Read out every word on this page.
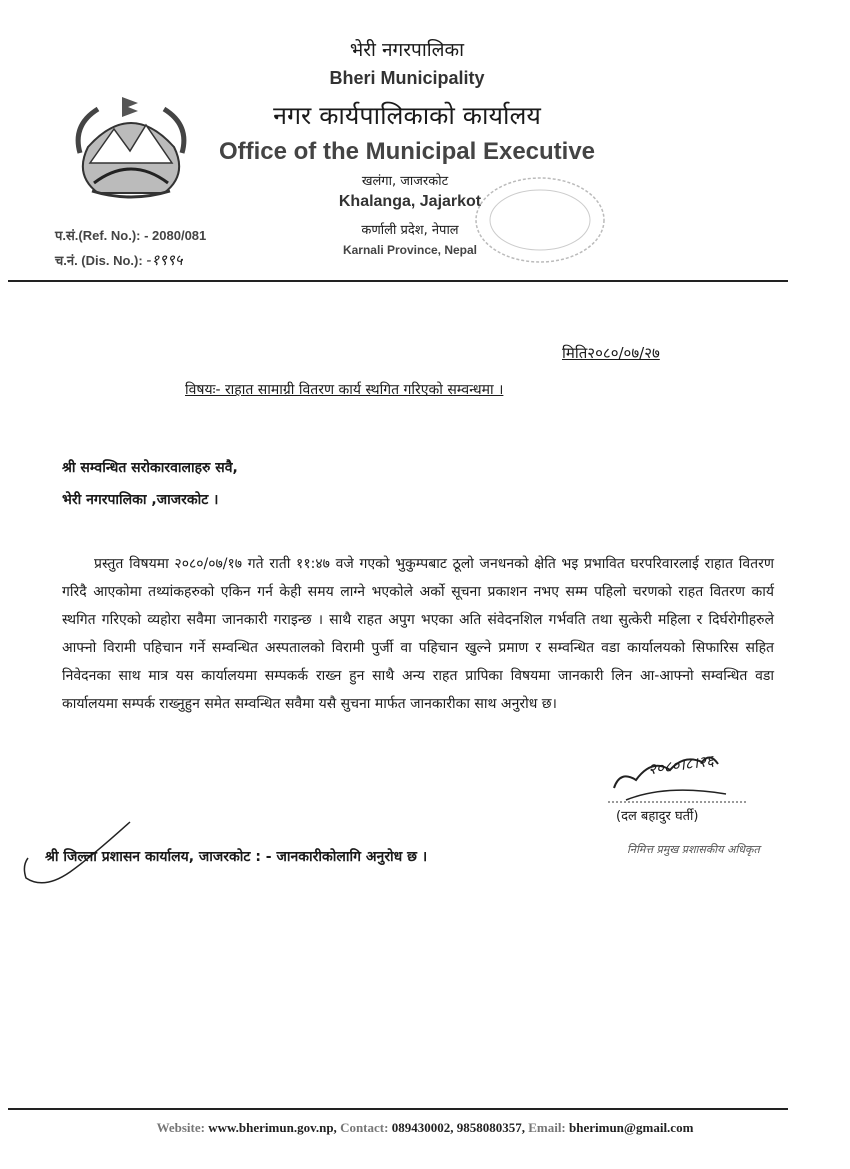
भेरी नगरपालिका
Bheri Municipality
नगर कार्यपालिकाको कार्यालय
Office of the Municipal Executive
खलंगा, जाजरकोट
Khalanga, Jajarkot
कर्णाली प्रदेश, नेपाल
Karnali Province, Nepal
प.सं.(Ref. No.): - 2080/081
च.नं. (Dis. No.): -१९९५
मिति२०८०/०७/२७
विषयः- राहात सामाग्री वितरण कार्य स्थगित गरिएको सम्वन्धमा ।
श्री सम्वन्धित सरोकारवालाहरु सवै,
भेरी नगरपालिका ,जाजरकोट ।
प्रस्तुत विषयमा २०८०/०७/१७ गते राती ११:४७ वजे गएको भुकुम्पबाट ठूलो जनधनको क्षेति भइ प्रभावित घरपरिवारलाई राहात वितरण गरिदै आएकोमा तथ्यांकहरुको एकिन गर्न केही समय लाग्ने भएकोले अर्को सूचना प्रकाशन नभए सम्म पहिलो चरणको राहत वितरण कार्य स्थगित गरिएको व्यहोरा सवैमा जानकारी गराइन्छ । साथै राहत अपुग भएका अति संवेदनशिल गर्भवति तथा सुत्केरी महिला र दिर्घरोगीहरुले आफ्नो विरामी पहिचान गर्ने सम्वन्धित अस्पतालको विरामी पुर्जी वा पहिचान खुल्ने प्रमाण र सम्वन्धित वडा कार्यालयको सिफारिस सहित निवेदनका साथ मात्र यस कार्यालयमा सम्पकर्क राख्न हुन साथै अन्य राहत प्रापिका विषयमा जानकारी लिन आ-आफ्नो सम्वन्धित वडा कार्यालयमा सम्पर्क राख्नुहुन समेत सम्वन्धित सवैमा यसै सुचना मार्फत जानकारीका साथ अनुरोध छ।
२०८०।८।२६
(दल बहादुर घर्ती)
निमित्त प्रमुख प्रशासकीय अधिकृत
श्री जिल्ला प्रशासन कार्यालय, जाजरकोट : - जानकारीकोलागि अनुरोध छ ।
Website: www.bherimun.gov.np, Contact: 089430002, 9858080357, Email: bherimun@gmail.com
